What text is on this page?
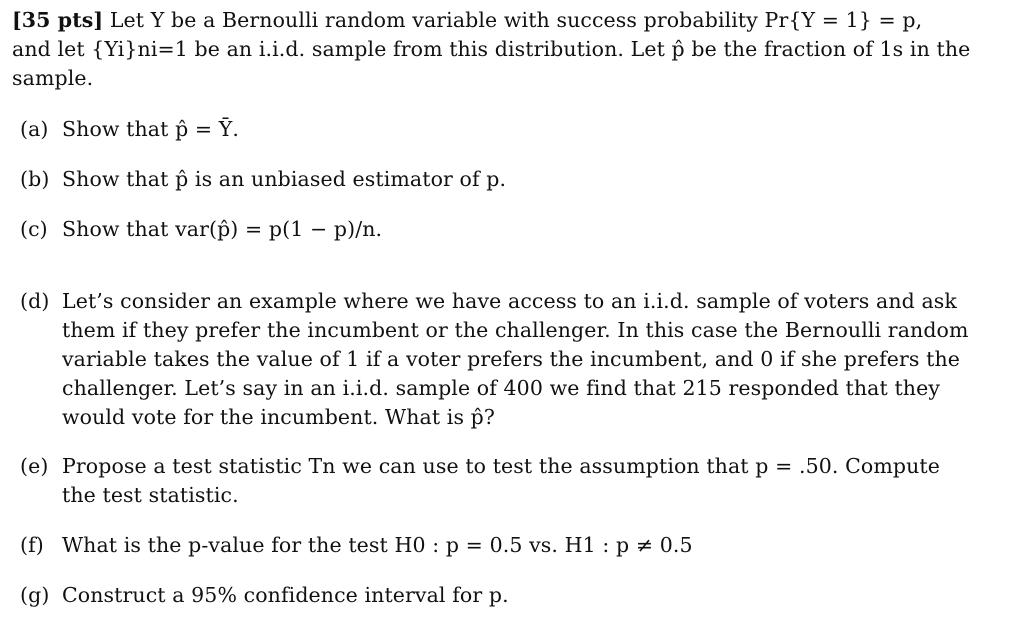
[35 pts] Let Y be a Bernoulli random variable with success probability Pr{Y = 1} = p,
and let {Yi}ni=1 be an i.i.d. sample from this distribution. Let p̂ be the fraction of 1s in the
sample.
(a) Show that p̂ = Ȳ.
(b) Show that p̂ is an unbiased estimator of p.
(c) Show that var(p̂) = p(1 − p)/n.
(d) Let’s consider an example where we have access to an i.i.d. sample of voters and ask
them if they prefer the incumbent or the challenger. In this case the Bernoulli random
variable takes the value of 1 if a voter prefers the incumbent, and 0 if she prefers the
challenger. Let’s say in an i.i.d. sample of 400 we find that 215 responded that they
would vote for the incumbent. What is p̂?
(e) Propose a test statistic Tn we can use to test the assumption that p = .50. Compute
the test statistic.
(f) What is the p-value for the test H0 : p = 0.5 vs. H1 : p ≠ 0.5
(g) Construct a 95% confidence interval for p.
